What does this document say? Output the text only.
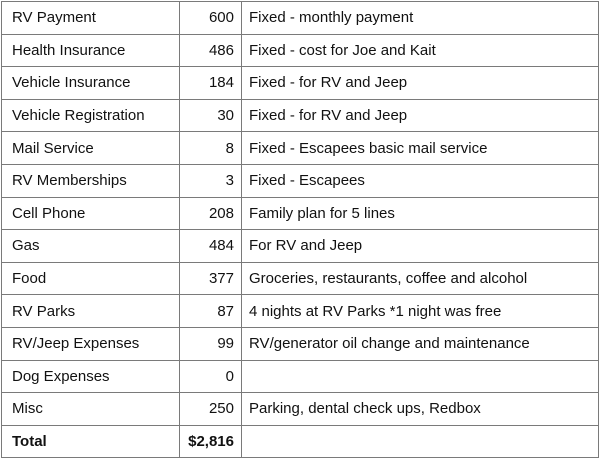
RV Payment	600	Fixed - monthly payment
Health Insurance	486	Fixed - cost for Joe and Kait
Vehicle Insurance	184	Fixed - for RV and Jeep
Vehicle Registration	30	Fixed - for RV and Jeep
Mail Service	8	Fixed - Escapees basic mail service
RV Memberships	3	Fixed - Escapees
Cell Phone	208	Family plan for 5 lines
Gas	484	For RV and Jeep
Food	377	Groceries, restaurants, coffee and alcohol
RV Parks	87	4 nights at RV Parks *1 night was free
RV/Jeep Expenses	99	RV/generator oil change and maintenance
Dog Expenses	0	
Misc	250	Parking, dental check ups, Redbox
Total	$2,816	
